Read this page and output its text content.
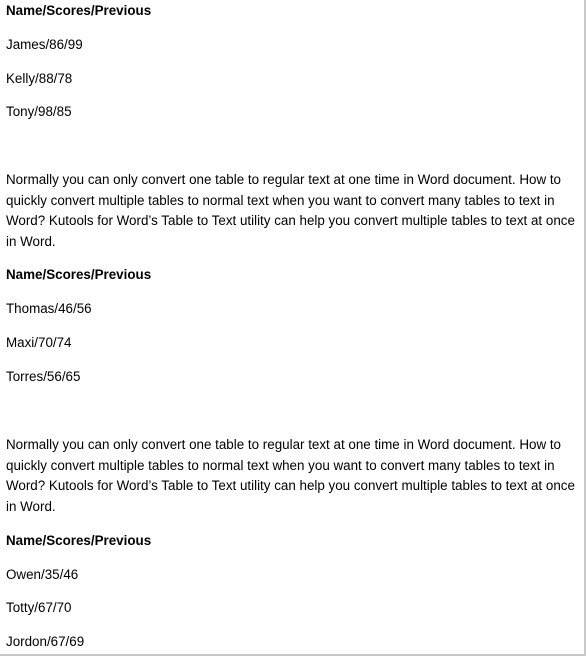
Name/Scores/Previous
James/86/99
Kelly/88/78
Tony/98/85
Normally you can only convert one table to regular text at one time in Word document. How to quickly convert multiple tables to normal text when you want to convert many tables to text in Word? Kutools for Word’s Table to Text utility can help you convert multiple tables to text at once in Word.
Name/Scores/Previous
Thomas/46/56
Maxi/70/74
Torres/56/65
Normally you can only convert one table to regular text at one time in Word document. How to quickly convert multiple tables to normal text when you want to convert many tables to text in Word? Kutools for Word’s Table to Text utility can help you convert multiple tables to text at once in Word.
Name/Scores/Previous
Owen/35/46
Totty/67/70
Jordon/67/69
